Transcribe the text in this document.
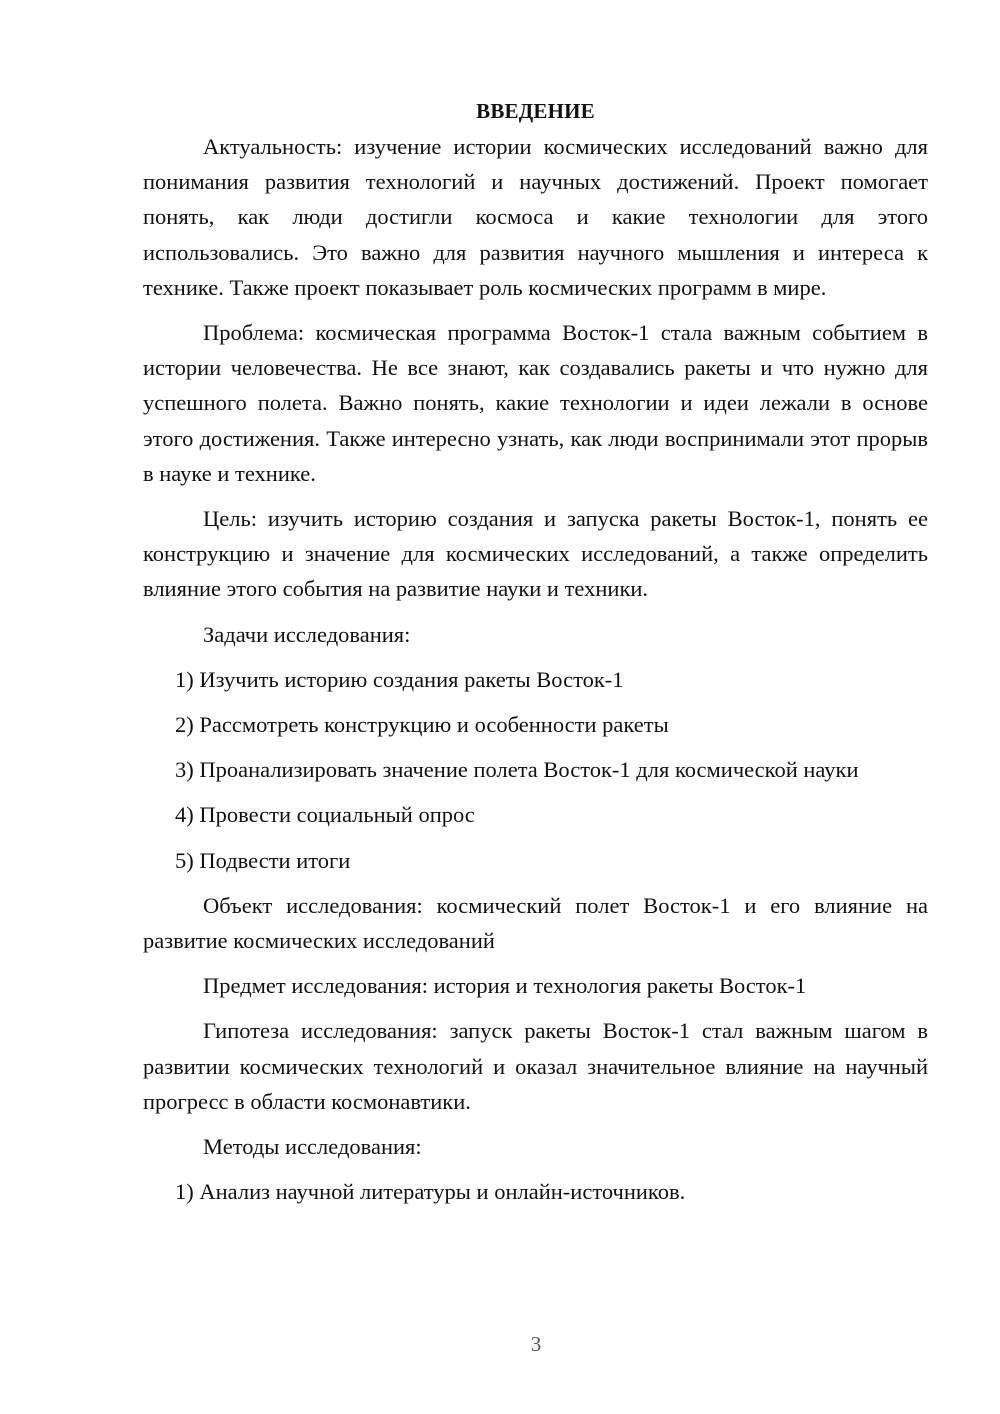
ВВЕДЕНИЕ

Актуальность: изучение истории космических исследований важно для понимания развития технологий и научных достижений. Проект помогает понять, как люди достигли космоса и какие технологии для этого использовались. Это важно для развития научного мышления и интереса к технике. Также проект показывает роль космических программ в мире.

Проблема: космическая программа Восток-1 стала важным событием в истории человечества. Не все знают, как создавались ракеты и что нужно для успешного полета. Важно понять, какие технологии и идеи лежали в основе этого достижения. Также интересно узнать, как люди воспринимали этот прорыв в науке и технике.

Цель: изучить историю создания и запуска ракеты Восток-1, понять ее конструкцию и значение для космических исследований, а также определить влияние этого события на развитие науки и техники.

Задачи исследования:

1) Изучить историю создания ракеты Восток-1

2) Рассмотреть конструкцию и особенности ракеты

3) Проанализировать значение полета Восток-1 для космической науки

4) Провести социальный опрос

5) Подвести итоги

Объект исследования: космический полет Восток-1 и его влияние на развитие космических исследований

Предмет исследования: история и технология ракеты Восток-1

Гипотеза исследования: запуск ракеты Восток-1 стал важным шагом в развитии космических технологий и оказал значительное влияние на научный прогресс в области космонавтики.

Методы исследования:

1) Анализ научной литературы и онлайн-источников.

3
